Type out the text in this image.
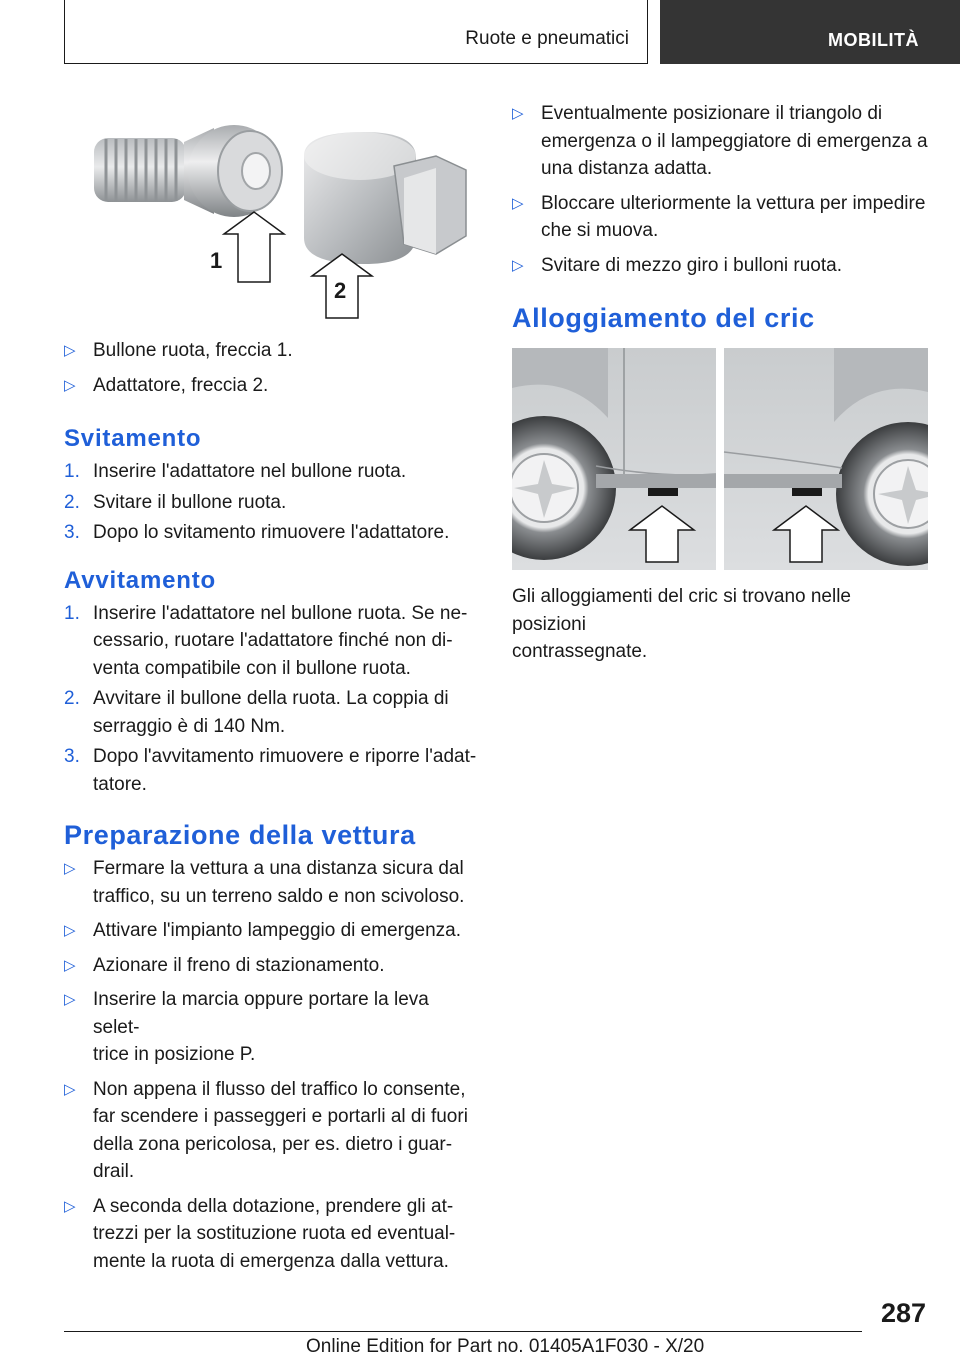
Ruote e pneumatici	MOBILITÀ
1
2

▷ Bullone ruota, freccia 1.

▷ Adattatore, freccia 2.

Svitamento

1. Inserire l'adattatore nel bullone ruota.

2. Svitare il bullone ruota.

3. Dopo lo svitamento rimuovere l'adattatore.

Avvitamento

1. Inserire l'adattatore nel bullone ruota. Se ne-
cessario, ruotare l'adattatore finché non di-
venta compatibile con il bullone ruota.

2. Avvitare il bullone della ruota. La coppia di
serraggio è di 140 Nm.

3. Dopo l'avvitamento rimuovere e riporre l'adat-
tatore.

Preparazione della vettura

▷ Fermare la vettura a una distanza sicura dal
traffico, su un terreno saldo e non scivoloso.

▷ Attivare l'impianto lampeggio di emergenza.

▷ Azionare il freno di stazionamento.

▷ Inserire la marcia oppure portare la leva selet-
trice in posizione P.

▷ Non appena il flusso del traffico lo consente,
far scendere i passeggeri e portarli al di fuori
della zona pericolosa, per es. dietro i guar-
drail.

▷ A seconda della dotazione, prendere gli at-
trezzi per la sostituzione ruota ed eventual-
mente la ruota di emergenza dalla vettura.

▷ Eventualmente posizionare il triangolo di
emergenza o il lampeggiatore di emergenza a
una distanza adatta.

▷ Bloccare ulteriormente la vettura per impedire
che si muova.

▷ Svitare di mezzo giro i bulloni ruota.

Alloggiamento del cric

Gli alloggiamenti del cric si trovano nelle posizioni
contrassegnate.

287
Online Edition for Part no. 01405A1F030 - X/20
